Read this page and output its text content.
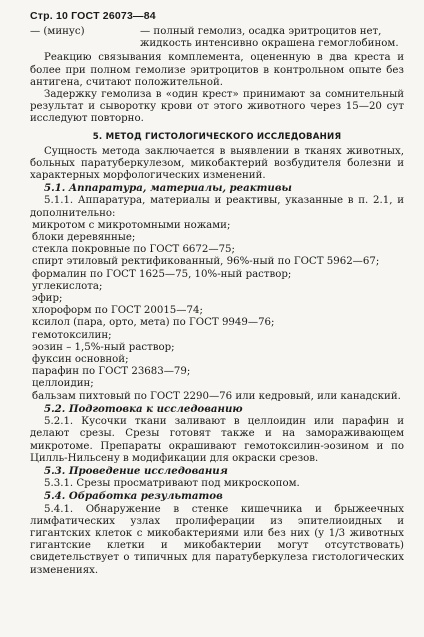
Стр. 10 ГОСТ 26073—84
— (минус)	— полный гемолиз, осадка эритроцитов нет, жидкость интенсивно окрашена гемоглобином.

Реакцию связывания комплемента, оцененную в два креста и более при полном гемолизе эритроцитов в контрольном опыте без антигена, считают положительной.

Задержку гемолиза в «один крест» принимают за сомнительный результат и сыворотку крови от этого животного через 15—20 сут исследуют повторно.

5. МЕТОД ГИСТОЛОГИЧЕСКОГО ИССЛЕДОВАНИЯ

Сущность метода заключается в выявлении в тканях животных, больных паратуберкулезом, микобактерий возбудителя болезни и характерных морфологических изменений.

5.1. Аппаратура, материалы, реактивы

5.1.1. Аппаратура, материалы и реактивы, указанные в п. 2.1, и дополнительно:

микротом с микротомными ножами;
блоки деревянные;
стекла покровные по ГОСТ 6672—75;
спирт этиловый ректификованный, 96%-ный по ГОСТ 5962—67;
формалин по ГОСТ 1625—75, 10%-ный раствор;
углекислота;
эфир;
хлороформ по ГОСТ 20015—74;
ксилол (пара, орто, мета) по ГОСТ 9949—76;
гемотоксилин;
эозин – 1,5%-ный раствор;
фуксин основной;
парафин по ГОСТ 23683—79;
целлоидин;
бальзам пихтовый по ГОСТ 2290—76 или кедровый, или канадский.

5.2. Подготовка к исследованию

5.2.1. Кусочки ткани заливают в целлоидин или парафин и делают срезы. Срезы готовят также и на замораживающем микротоме. Препараты окрашивают гемотоксилин-эозином и по Цилль-Нильсену в модификации для окраски срезов.

5.3. Проведение исследования

5.3.1. Срезы просматривают под микроскопом.

5.4. Обработка результатов

5.4.1. Обнаружение в стенке кишечника и брыжеечных лимфатических узлах пролиферации из эпителиоидных и гигантских клеток с микобактериями или без них (у 1/3 животных гигантские клетки и микобактерии могут отсутствовать) свидетельствует о типичных для паратуберкулеза гистологических изменениях.
